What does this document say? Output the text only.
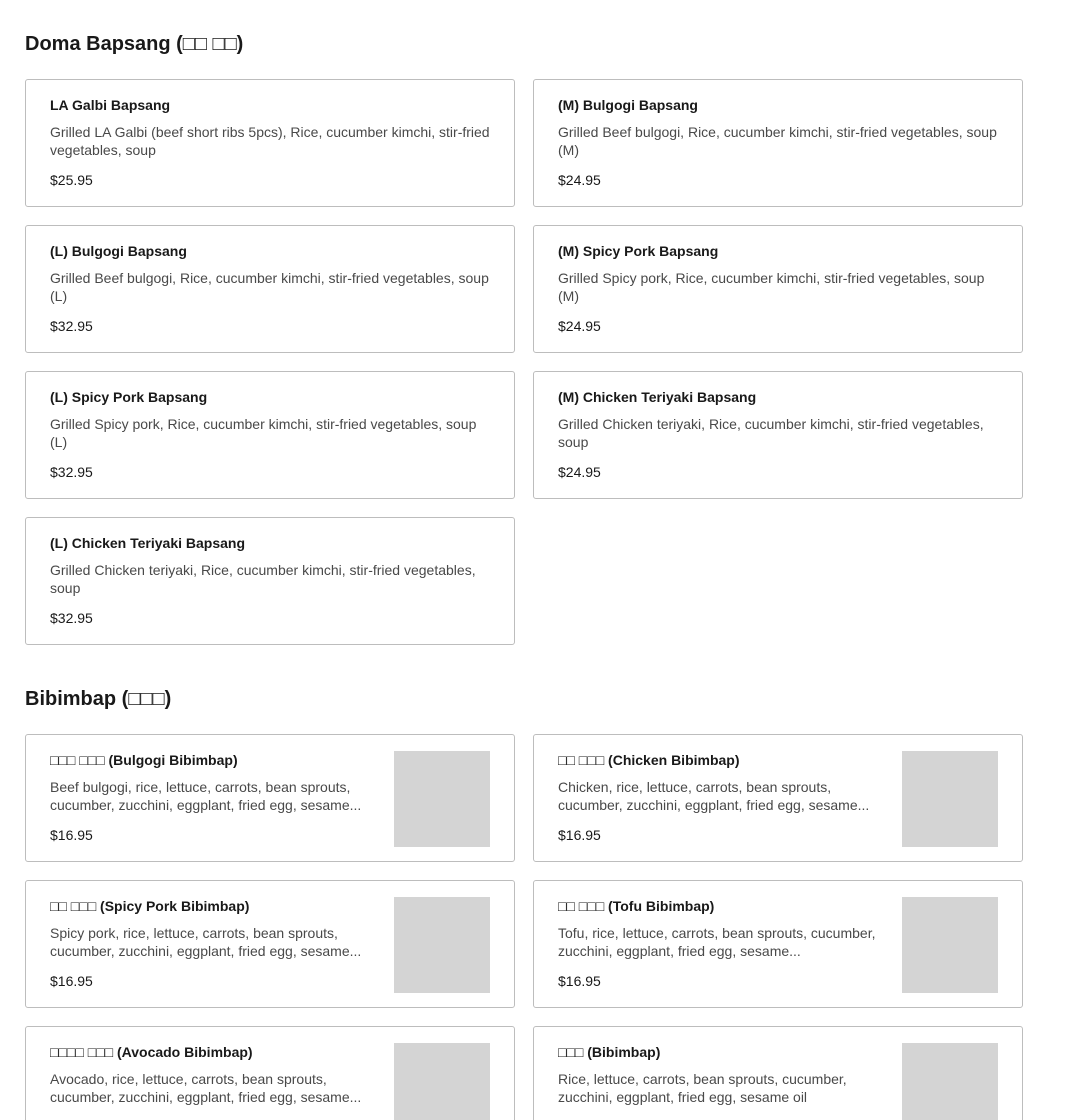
Doma Bapsang (□□ □□)
LA Galbi Bapsang
Grilled LA Galbi (beef short ribs 5pcs), Rice, cucumber kimchi, stir-fried vegetables, soup
$25.95
(M) Bulgogi Bapsang
Grilled Beef bulgogi, Rice, cucumber kimchi, stir-fried vegetables, soup (M)
$24.95
(L) Bulgogi Bapsang
Grilled Beef bulgogi, Rice, cucumber kimchi, stir-fried vegetables, soup (L)
$32.95
(M) Spicy Pork Bapsang
Grilled Spicy pork, Rice, cucumber kimchi, stir-fried vegetables, soup (M)
$24.95
(L) Spicy Pork Bapsang
Grilled Spicy pork, Rice, cucumber kimchi, stir-fried vegetables, soup (L)
$32.95
(M) Chicken Teriyaki Bapsang
Grilled Chicken teriyaki, Rice, cucumber kimchi, stir-fried vegetables, soup
$24.95
(L) Chicken Teriyaki Bapsang
Grilled Chicken teriyaki, Rice, cucumber kimchi, stir-fried vegetables, soup
$32.95
Bibimbap (□□□)
□□□ □□□ (Bulgogi Bibimbap)
Beef bulgogi, rice, lettuce, carrots, bean sprouts, cucumber, zucchini, eggplant, fried egg, sesame...
$16.95
□□ □□□ (Chicken Bibimbap)
Chicken, rice, lettuce, carrots, bean sprouts, cucumber, zucchini, eggplant, fried egg, sesame...
$16.95
□□ □□□ (Spicy Pork Bibimbap)
Spicy pork, rice, lettuce, carrots, bean sprouts, cucumber, zucchini, eggplant, fried egg, sesame...
$16.95
□□ □□□ (Tofu Bibimbap)
Tofu, rice, lettuce, carrots, bean sprouts, cucumber, zucchini, eggplant, fried egg, sesame...
$16.95
□□□□ □□□ (Avocado Bibimbap)
Avocado, rice, lettuce, carrots, bean sprouts, cucumber, zucchini, eggplant, fried egg, sesame...
□□□ (Bibimbap)
Rice, lettuce, carrots, bean sprouts, cucumber, zucchini, eggplant, fried egg, sesame oil
